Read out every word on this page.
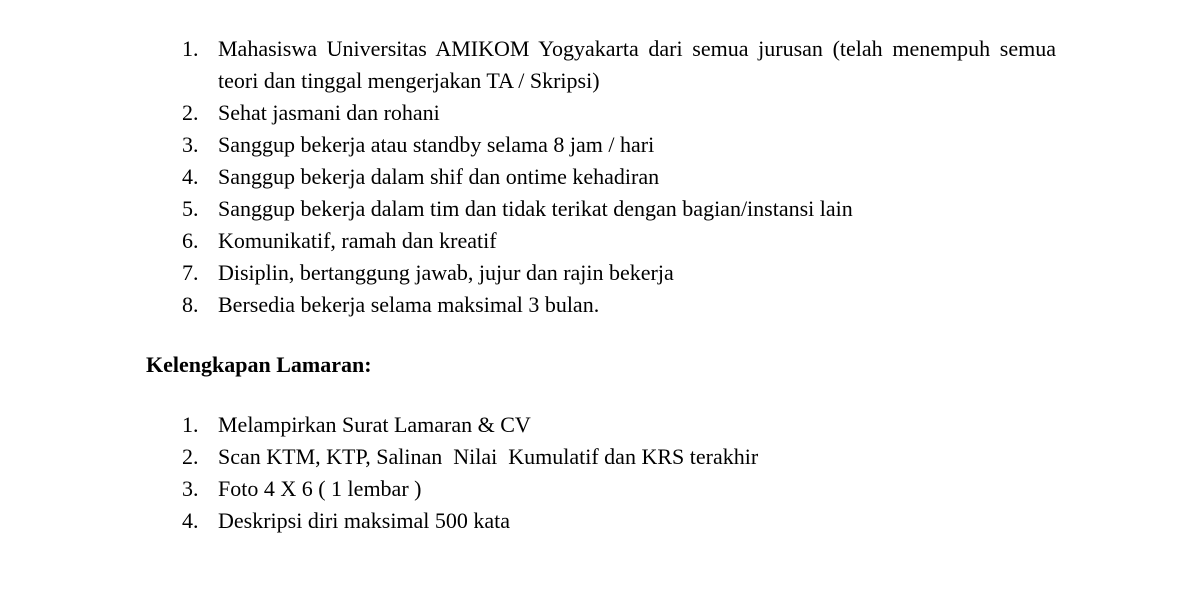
1. Mahasiswa Universitas AMIKOM Yogyakarta dari semua jurusan (telah menempuh semua teori dan tinggal mengerjakan TA / Skripsi)
2. Sehat jasmani dan rohani
3. Sanggup bekerja atau standby selama 8 jam / hari
4. Sanggup bekerja dalam shif dan ontime kehadiran
5. Sanggup bekerja dalam tim dan tidak terikat dengan bagian/instansi lain
6. Komunikatif, ramah dan kreatif
7. Disiplin, bertanggung jawab, jujur dan rajin bekerja
8. Bersedia bekerja selama maksimal 3 bulan.
Kelengkapan Lamaran:
1. Melampirkan Surat Lamaran & CV
2. Scan KTM, KTP, Salinan  Nilai  Kumulatif dan KRS terakhir
3. Foto 4 X 6 ( 1 lembar )
4. Deskripsi diri maksimal 500 kata
